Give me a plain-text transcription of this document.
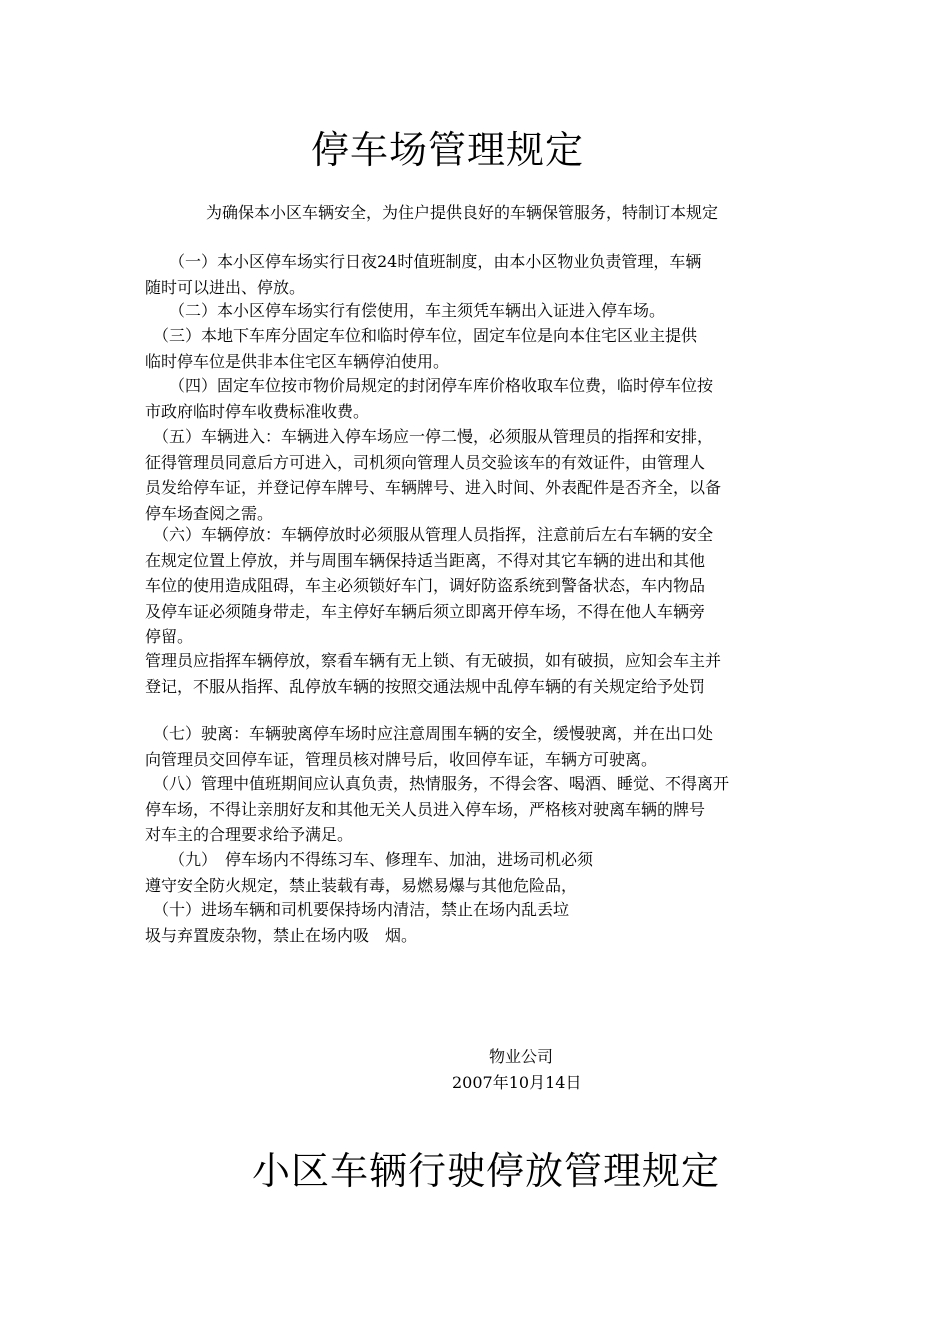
停车场管理规定
为确保本小区车辆安全，为住户提供良好的车辆保管服务，特制订本规定
　　（一）本小区停车场实行日夜24时值班制度，由本小区物业负责管理，车辆
随时可以进出、停放。
　　（二）本小区停车场实行有偿使用，车主须凭车辆出入证进入停车场。
　（三）本地下车库分固定车位和临时停车位，固定车位是向本住宅区业主提供
临时停车位是供非本住宅区车辆停泊使用。
　　（四）固定车位按市物价局规定的封闭停车库价格收取车位费，临时停车位按
市政府临时停车收费标准收费。
　（五）车辆进入：车辆进入停车场应一停二慢，必须服从管理员的指挥和安排，
征得管理员同意后方可进入，司机须向管理人员交验该车的有效证件，由管理人
员发给停车证，并登记停车牌号、车辆牌号、进入时间、外表配件是否齐全，以备
停车场查阅之需。
　（六）车辆停放：车辆停放时必须服从管理人员指挥，注意前后左右车辆的安全
在规定位置上停放，并与周围车辆保持适当距离，不得对其它车辆的进出和其他
车位的使用造成阻碍，车主必须锁好车门，调好防盗系统到警备状态，车内物品
及停车证必须随身带走，车主停好车辆后须立即离开停车场，不得在他人车辆旁
停留。
管理员应指挥车辆停放，察看车辆有无上锁、有无破损，如有破损，应知会车主并
登记，不服从指挥、乱停放车辆的按照交通法规中乱停车辆的有关规定给予处罚
　（七）驶离：车辆驶离停车场时应注意周围车辆的安全，缓慢驶离，并在出口处
向管理员交回停车证，管理员核对牌号后，收回停车证，车辆方可驶离。
　（八）管理中值班期间应认真负责，热情服务，不得会客、喝酒、睡觉、不得离开
停车场，不得让亲朋好友和其他无关人员进入停车场，严格核对驶离车辆的牌号
对车主的合理要求给予满足。
　　（九）　停车场内不得练习车、修理车、加油，进场司机必须
遵守安全防火规定，禁止装载有毒，易燃易爆与其他危险品，
　（十）进场车辆和司机要保持场内清洁，禁止在场内乱丢垃
圾与弃置废杂物，禁止在场内吸　烟。
物业公司
2007年10月14日
小区车辆行驶停放管理规定
